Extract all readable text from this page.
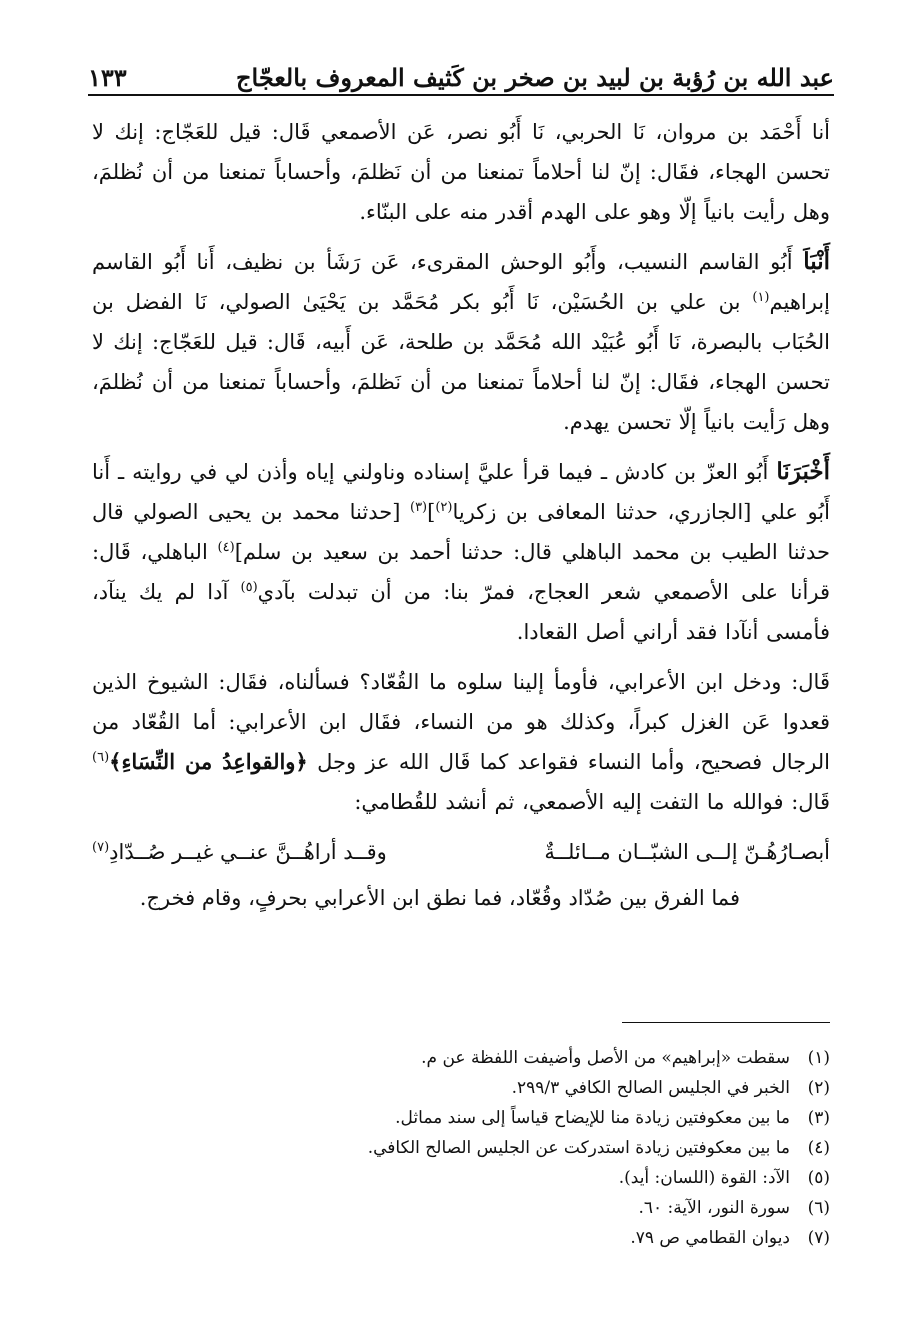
عبد الله بن رُؤبة بن لبيد بن صخر بن كَثيف المعروف بالعجّاج
١٣٣

أنا أَحْمَد بن مروان، نَا الحربي، نَا أَبُو نصر، عَن الأصمعي قَال: قيل للعَجّاج: إنك لا تحسن الهجاء، فقَال: إنّ لنا أحلاماً تمنعنا من أن نَظلمَ، وأحساباً تمنعنا من أن نُظلمَ، وهل رأيت بانياً إلّا وهو على الهدم أقدر منه على البنّاء.

أَنْبَاَ أَبُو القاسم النسيب، وأَبُو الوحش المقرىء، عَن رَشَأ بن نظيف، أَنا أَبُو القاسم إبراهيم$^{(١)}$ بن علي بن الحُسَيْن، نَا أَبُو بكر مُحَمَّد بن يَحْيَىٰ الصولي، نَا الفضل بن الحُبَاب بالبصرة، نَا أَبُو عُبَيْد الله مُحَمَّد بن طلحة، عَن أَبيه، قَال: قيل للعَجّاج: إنك لا تحسن الهجاء، فقَال: إنّ لنا أحلاماً تمنعنا من أن نَظلمَ، وأحساباً تمنعنا من أن نُظلمَ، وهل رَأيت بانياً إلّا تحسن يهدم.

أَخْبَرَنَا أَبُو العزّ بن كادش ـ فيما قرأ عليَّ إسناده وناولني إياه وأذن لي في روايته ـ أَنا أَبُو علي [الجازري، حدثنا المعافى بن زكريا$^{(٢)}$]$^{(٣)}$ [حدثنا محمد بن يحيى الصولي قال حدثنا الطيب بن محمد الباهلي قال: حدثنا أحمد بن سعيد بن سلم]$^{(٤)}$ الباهلي، قَال: قرأنا على الأصمعي شعر العجاج، فمرّ بنا: من أن تبدلت بآدي$^{(٥)}$ آدا لم يك ينآد، فأمسى أنآدا فقد أراني أصل القعادا.

قَال: ودخل ابن الأعرابي، فأومأ إلينا سلوه ما القُعّاد؟ فسألناه، فقَال: الشيوخ الذين قعدوا عَن الغزل كبراً، وكذلك هو من النساء، فقَال ابن الأعرابي: أما القُعّاد من الرجال فصحيح، وأما النساء فقواعد كما قَال الله عز وجل ﴿والقواعِدُ من النِّسَاءِ﴾$^{(٦)}$ قَال: فوالله ما التفت إليه الأصمعي، ثم أنشد للقُطامي:

أبصـارُهُـنّ إلــى الشبّــان مــائلــةٌ
وقــد أراهُــنَّ عنــي غيــر صُــدّادِ$^{(٧)}$
فما الفرق بين صُدّاد وقُعّاد، فما نطق ابن الأعرابي بحرفٍ، وقام فخرج.
(١)سقطت «إبراهيم» من الأصل وأضيفت اللفظة عن م.
(٢)الخبر في الجليس الصالح الكافي ٢٩٩/٣.
(٣)ما بين معكوفتين زيادة منا للإيضاح قياساً إلى سند مماثل.
(٤)ما بين معكوفتين زيادة استدركت عن الجليس الصالح الكافي.
(٥)الآد: القوة (اللسان: أيد).
(٦)سورة النور، الآية: ٦٠.
(٧)ديوان القطامي ص ٧٩.
